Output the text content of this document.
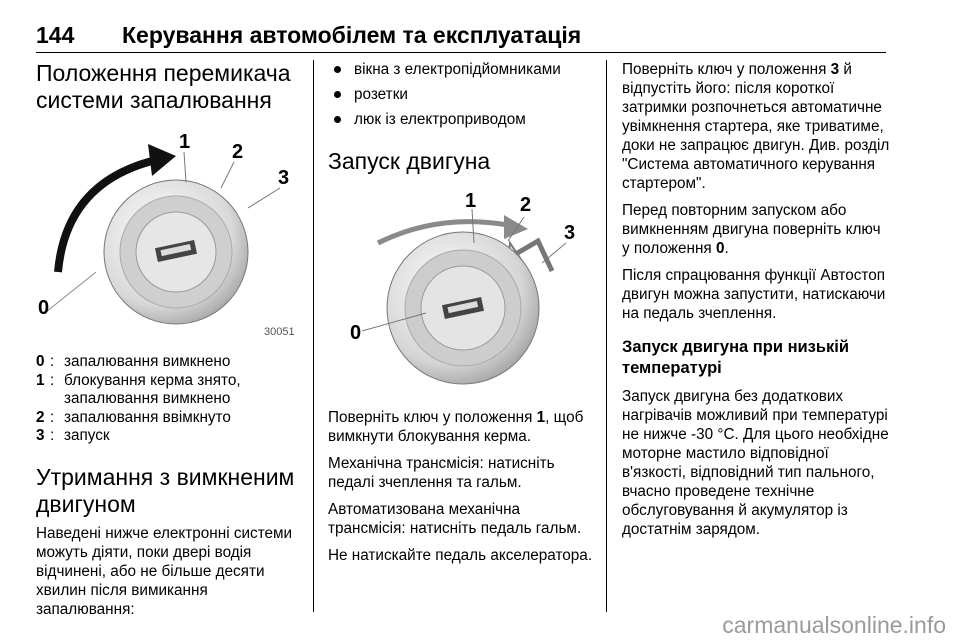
144 Керування автомобілем та експлуатація
Положення перемикача системи запалювання
1 2
3
0
30051
0 : запалювання вимкнено
1 : блокування керма знято, запалювання вимкнено
2 : запалювання ввімкнуто
3 : запуск
Утримання з вимкненим двигуном

Наведені нижче електронні системи можуть діяти, поки двері водія відчинені, або не більше десяти хвилин після вимикання запалювання:

вікна з електропідйомниками
розетки
люк із електроприводом
Запуск двигуна
1 2
3
0

Поверніть ключ у положення 1, щоб вимкнути блокування керма.

Механічна трансмісія: натисніть педалі зчеплення та гальм.

Автоматизована механічна трансмісія: натисніть педаль гальм.

Не натискайте педаль акселератора.

Поверніть ключ у положення 3 й відпустіть його: після короткої затримки розпочнеться автоматичне увімкнення стартера, яке триватиме, доки не запрацює двигун. Див. розділ "Система автоматичного керування стартером".

Перед повторним запуском або вимкненням двигуна поверніть ключ у положення 0.

Після спрацювання функції Автостоп двигун можна запустити, натискаючи на педаль зчеплення.

Запуск двигуна при низькій температурі

Запуск двигуна без додаткових нагрівачів можливий при температурі не нижче -30 °C. Для цього необхідне моторне мастило відповідної в'язкості, відповідний тип пального, вчасно проведене технічне обслуговування й акумулятор із достатнім зарядом.

carmanualsonline.info
